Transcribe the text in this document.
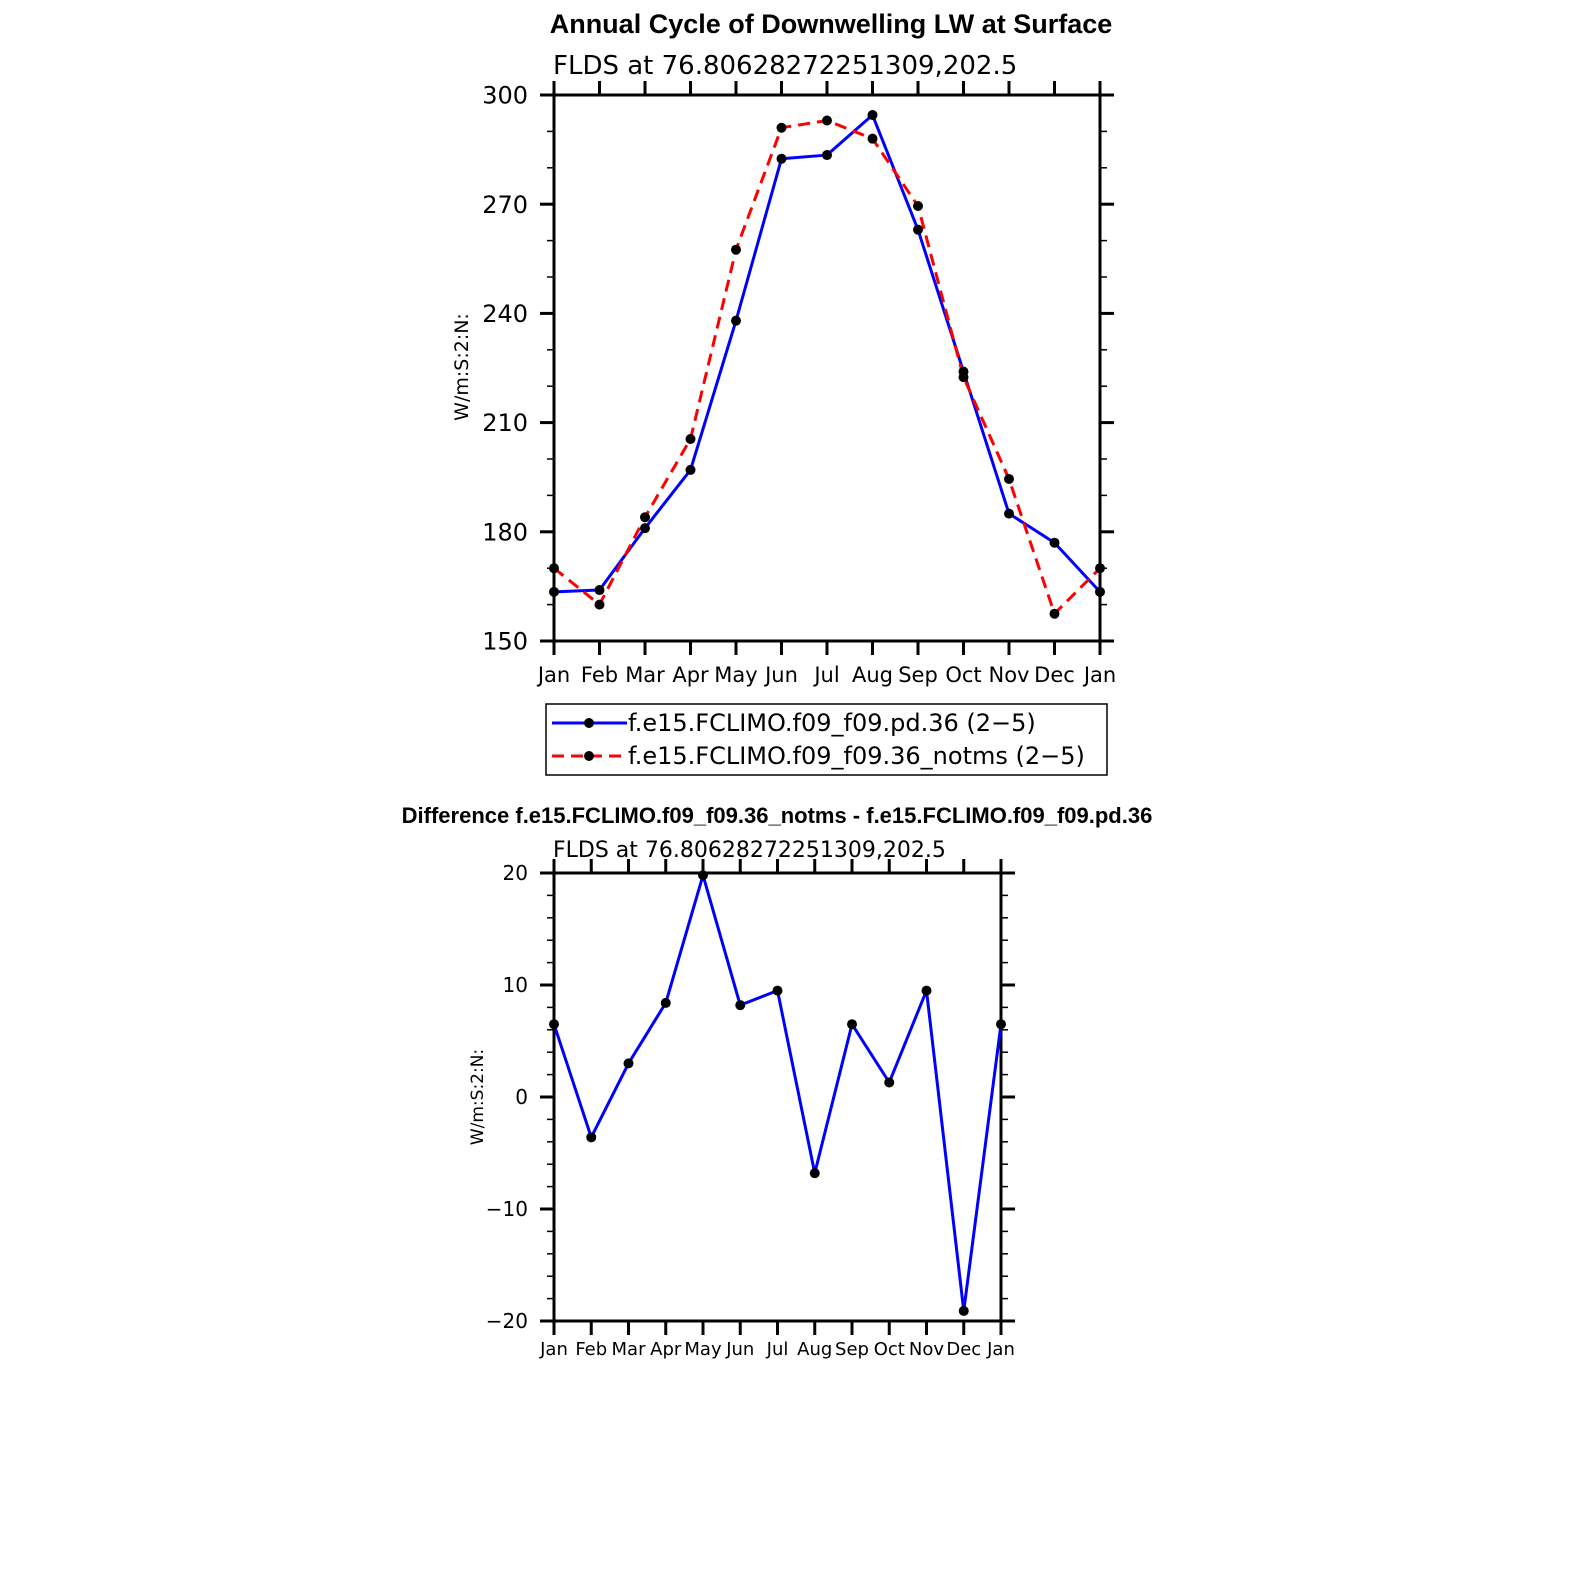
Annual Cycle of Downwelling LW at Surface
FLDS at 76.80628272251309,202.5
W/m:S:2:N:
150
180
210
240
270
300
Jan Feb Mar Apr May Jun Jul Aug Sep Oct Nov Dec Jan
f.e15.FCLIMO.f09_f09.pd.36 (2−5)
f.e15.FCLIMO.f09_f09.36_notms (2−5)
Difference f.e15.FCLIMO.f09_f09.36_notms - f.e15.FCLIMO.f09_f09.pd.36
FLDS at 76.80628272251309,202.5
W/m:S:2:N:
−20
−10
0
10
20
Jan Feb Mar Apr May Jun Jul Aug Sep Oct Nov Dec Jan
